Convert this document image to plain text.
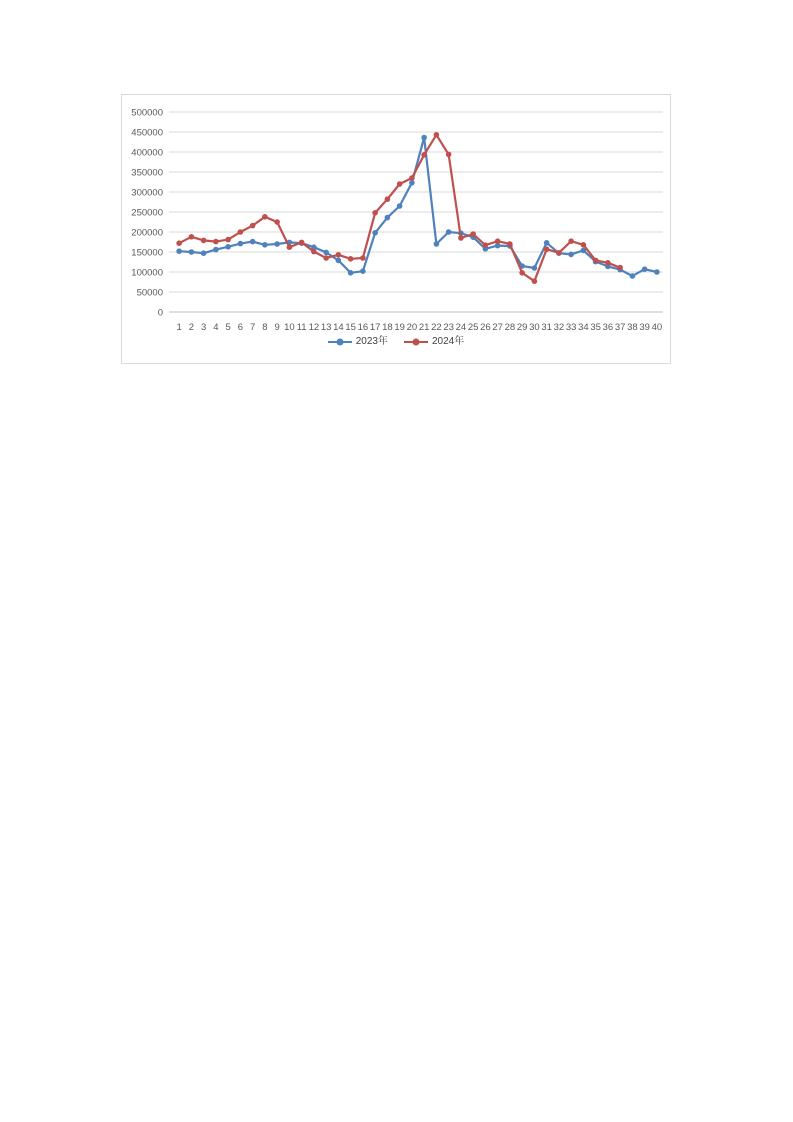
500000
450000
400000
350000
300000
250000
200000
150000
100000
50000
0
1 2 3 4 5 6 7 8 9 10 11 12 13 14 15 16 17 18 19 20 21 22 23 24 25 26 27 28 29 30 31 32 33 34 35 36 37 38 39 40
2023年	2024年
